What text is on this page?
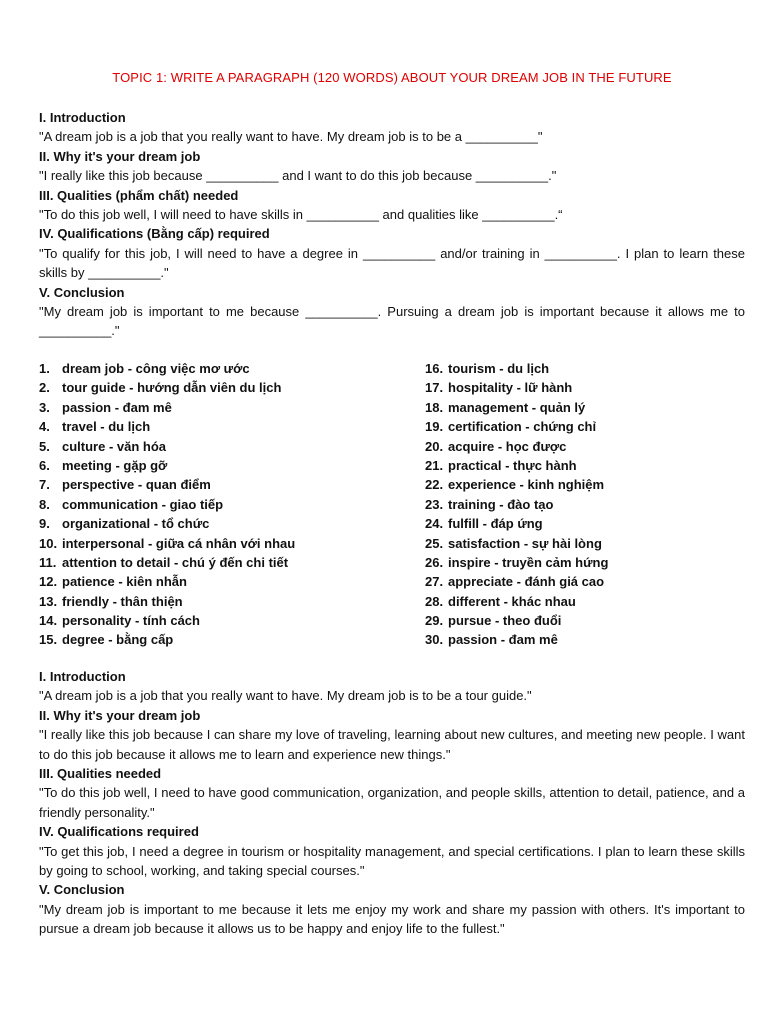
TOPIC 1: WRITE A PARAGRAPH (120 WORDS) ABOUT YOUR DREAM JOB IN THE FUTURE
I. Introduction
"A dream job is a job that you really want to have. My dream job is to be a __________"
II. Why it's your dream job
"I really like this job because __________ and I want to do this job because __________."
III. Qualities (phẩm chất) needed
"To do this job well, I will need to have skills in __________ and qualities like __________.“
IV. Qualifications (Bằng cấp) required
"To qualify for this job, I will need to have a degree in __________ and/or training in __________. I plan to learn these skills by __________."
V. Conclusion
"My dream job is important to me because __________. Pursuing a dream job is important because it allows me to __________."
1. dream job - công việc mơ ước
2. tour guide - hướng dẫn viên du lịch
3. passion - đam mê
4. travel - du lịch
5. culture - văn hóa
6. meeting - gặp gỡ
7. perspective - quan điểm
8. communication - giao tiếp
9. organizational - tổ chức
10. interpersonal - giữa cá nhân với nhau
11. attention to detail - chú ý đến chi tiết
12. patience - kiên nhẫn
13. friendly - thân thiện
14. personality - tính cách
15. degree - bằng cấp
16. tourism - du lịch
17. hospitality - lữ hành
18. management - quản lý
19. certification - chứng chỉ
20. acquire - học được
21. practical - thực hành
22. experience - kinh nghiệm
23. training - đào tạo
24. fulfill - đáp ứng
25. satisfaction - sự hài lòng
26. inspire - truyền cảm hứng
27. appreciate - đánh giá cao
28. different - khác nhau
29. pursue - theo đuổi
30. passion - đam mê
I. Introduction
"A dream job is a job that you really want to have. My dream job is to be a tour guide."
II. Why it's your dream job
"I really like this job because I can share my love of traveling, learning about new cultures, and meeting new people. I want to do this job because it allows me to learn and experience new things."
III. Qualities needed
"To do this job well, I need to have good communication, organization, and people skills, attention to detail, patience, and a friendly personality."
IV. Qualifications required
"To get this job, I need a degree in tourism or hospitality management, and special certifications. I plan to learn these skills by going to school, working, and taking special courses."
V. Conclusion
"My dream job is important to me because it lets me enjoy my work and share my passion with others. It's important to pursue a dream job because it allows us to be happy and enjoy life to the fullest."
